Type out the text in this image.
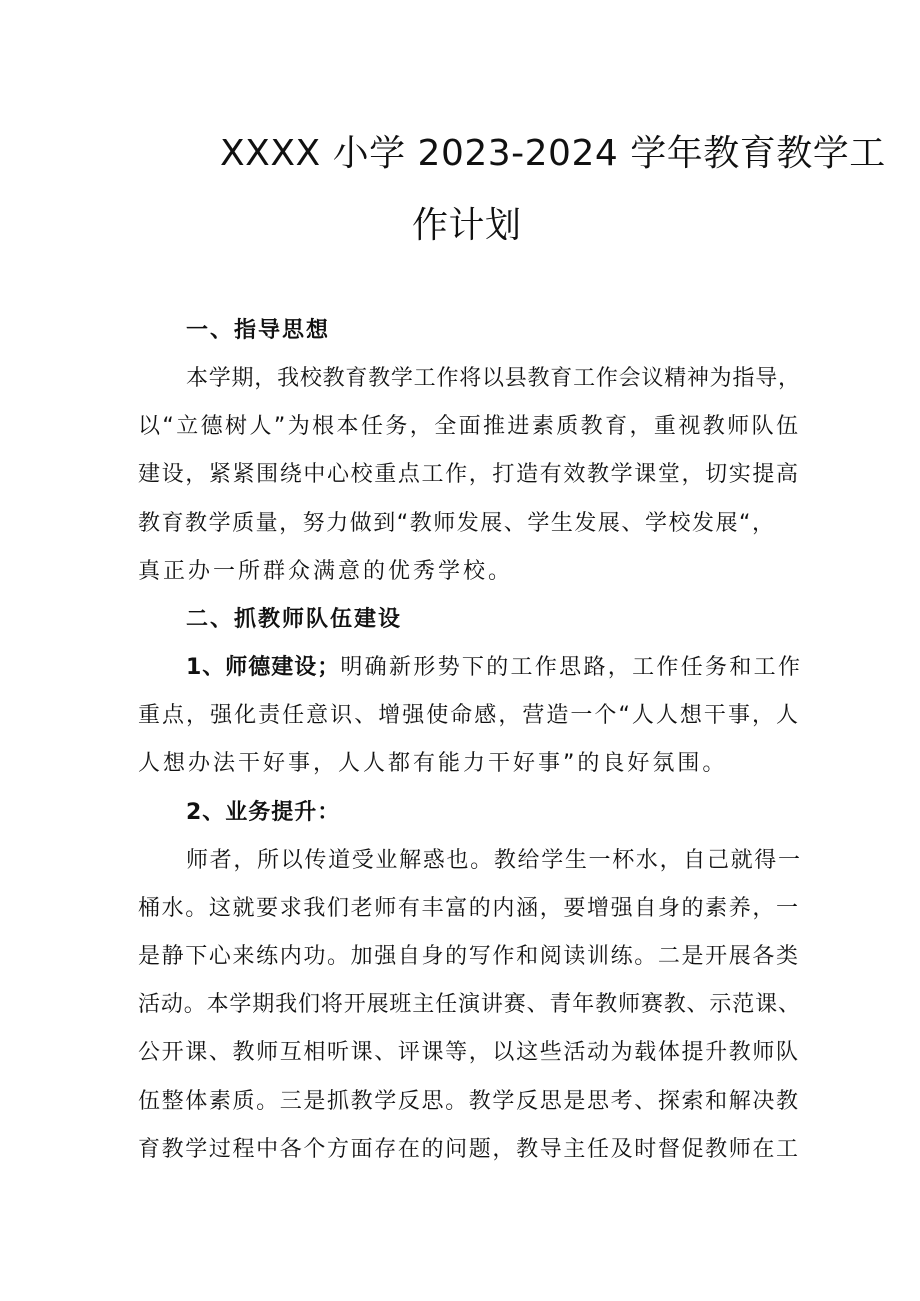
XXXX 小学 2023-2024 学年教育教学工
作计划
一、指导思想
本学期，我校教育教学工作将以县教育工作会议精神为指导，
以“立德树人”为根本任务，全面推进素质教育，重视教师队伍
建设，紧紧围绕中心校重点工作，打造有效教学课堂，切实提高
教育教学质量，努力做到“教师发展、学生发展、学校发展“，
真正办一所群众满意的优秀学校。
二、抓教师队伍建设
1、师德建设； 明确新形势下的工作思路，工作任务和工作
重点，强化责任意识、增强使命感，营造一个“人人想干事，人
人想办法干好事，人人都有能力干好事”的良好氛围。
2、业务提升：
师者，所以传道受业解惑也。教给学生一杯水，自己就得一
桶水。这就要求我们老师有丰富的内涵，要增强自身的素养，一
是静下心来练内功。加强自身的写作和阅读训练。二是开展各类
活动。本学期我们将开展班主任演讲赛、青年教师赛教、示范课、
公开课、教师互相听课、评课等，以这些活动为载体提升教师队
伍整体素质。三是抓教学反思。教学反思是思考、探索和解决教
育教学过程中各个方面存在的问题，教导主任及时督促教师在工
